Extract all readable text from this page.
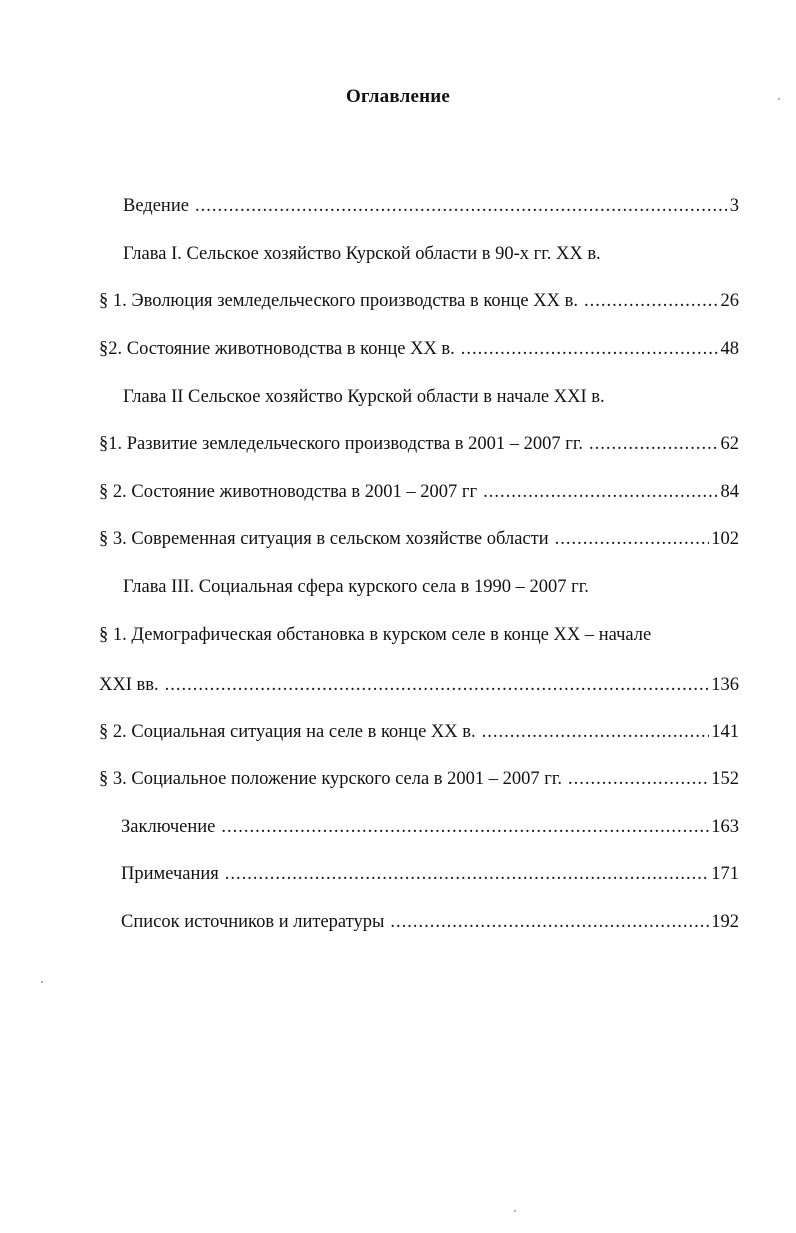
Оглавление
Ведение .....	3
Глава I. Сельское хозяйство Курской области в 90-х гг. XX в.
§ 1. Эволюция земледельческого производства в конце XX в. .....	26
§2. Состояние животноводства в конце XX в. .....	48
Глава II Сельское хозяйство Курской области в начале XXI в.
§1. Развитие земледельческого производства в 2001 – 2007 гг. .....	62
§ 2. Состояние животноводства в 2001 – 2007 гг .....	84
§ 3. Современная ситуация в сельском хозяйстве области .....	102
Глава III. Социальная сфера курского села в 1990 – 2007 гг.
§ 1. Демографическая обстановка в курском селе в конце XX – начале
XXI вв. .....	136
§ 2. Социальная ситуация на селе в конце XX в. .....	141
§ 3. Социальное положение курского села в 2001 – 2007 гг. .....	152
Заключение .....	163
Примечания .....	171
Список источников и литературы .....	192
